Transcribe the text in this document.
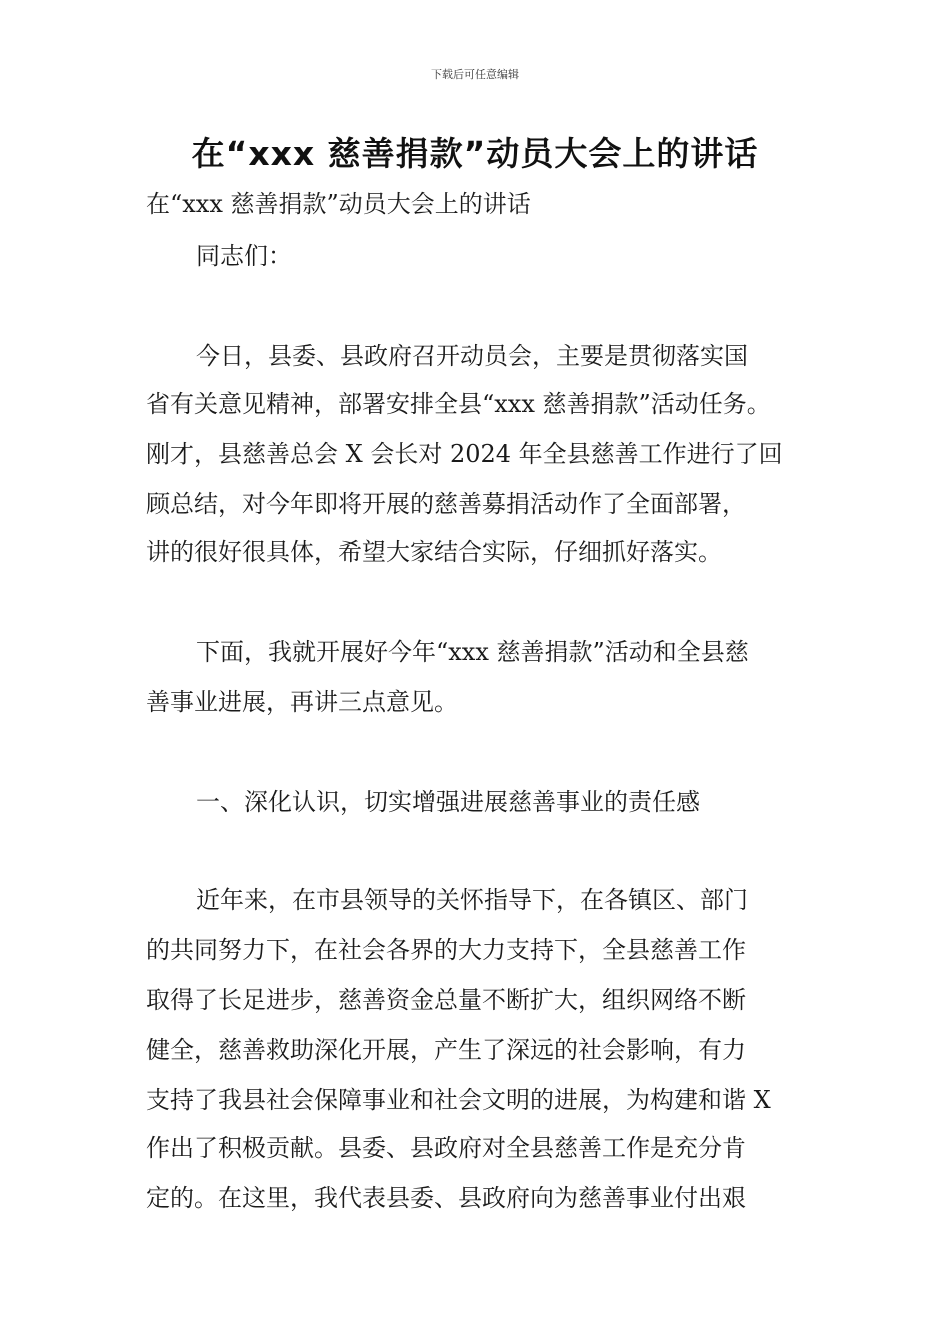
下载后可任意编辑
在“xxx 慈善捐款”动员大会上的讲话
在“xxx 慈善捐款”动员大会上的讲话
同志们：
今日，县委、县政府召开动员会，主要是贯彻落实国
省有关意见精神，部署安排全县“xxx 慈善捐款”活动任务。
刚才，县慈善总会 X 会长对 2024 年全县慈善工作进行了回
顾总结，对今年即将开展的慈善募捐活动作了全面部署，
讲的很好很具体，希望大家结合实际，仔细抓好落实。
下面，我就开展好今年“xxx 慈善捐款”活动和全县慈
善事业进展，再讲三点意见。
一、深化认识，切实增强进展慈善事业的责任感
近年来，在市县领导的关怀指导下，在各镇区、部门
的共同努力下，在社会各界的大力支持下，全县慈善工作
取得了长足进步，慈善资金总量不断扩大，组织网络不断
健全，慈善救助深化开展，产生了深远的社会影响，有力
支持了我县社会保障事业和社会文明的进展，为构建和谐 X
作出了积极贡献。县委、县政府对全县慈善工作是充分肯
定的。在这里，我代表县委、县政府向为慈善事业付出艰
